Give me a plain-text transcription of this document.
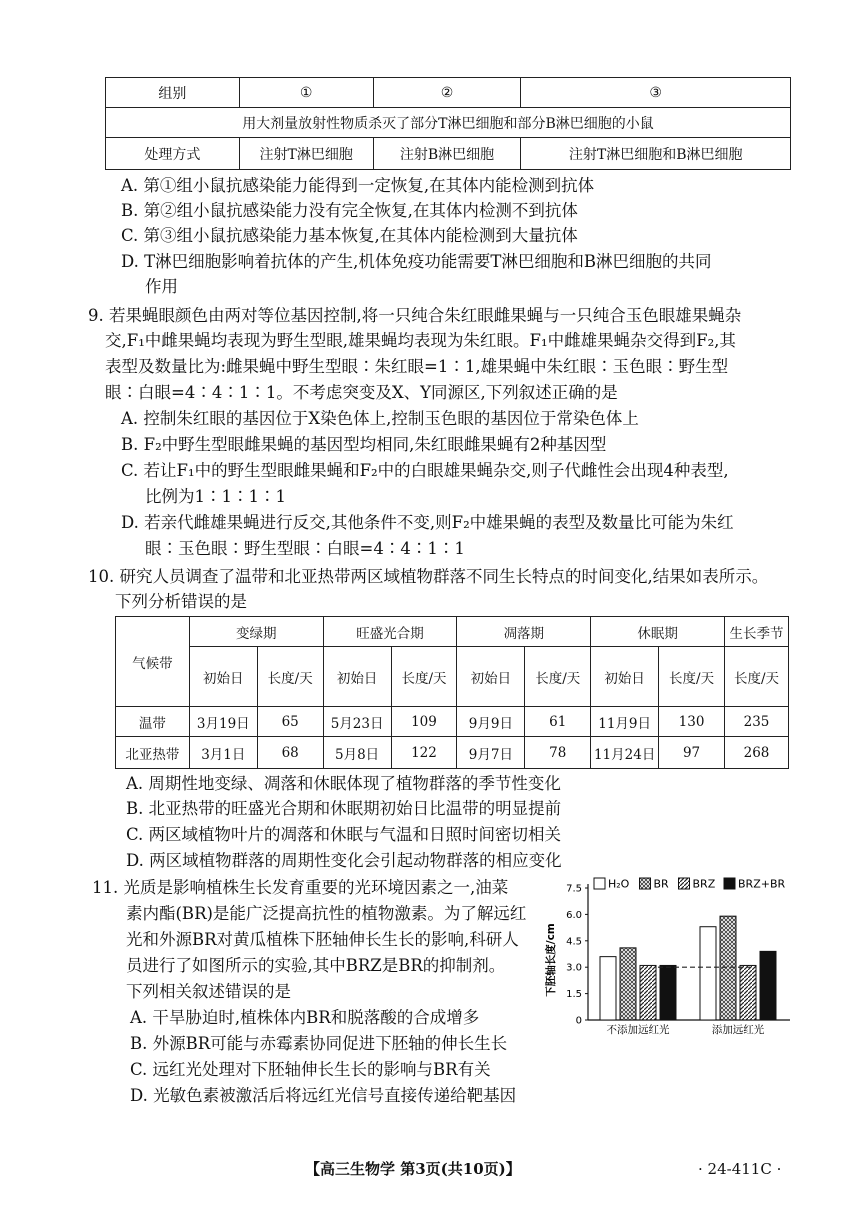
组别	①	②	③
用大剂量放射性物质杀灭了部分T淋巴细胞和部分B淋巴细胞的小鼠			
处理方式	注射T淋巴细胞	注射B淋巴细胞	注射T淋巴细胞和B淋巴细胞
A. 第①组小鼠抗感染能力能得到一定恢复,在其体内能检测到抗体
B. 第②组小鼠抗感染能力没有完全恢复,在其体内检测不到抗体
C. 第③组小鼠抗感染能力基本恢复,在其体内能检测到大量抗体
D. T淋巴细胞影响着抗体的产生,机体免疫功能需要T淋巴细胞和B淋巴细胞的共同
作用
9. 若果蝇眼颜色由两对等位基因控制,将一只纯合朱红眼雌果蝇与一只纯合玉色眼雄果蝇杂
交,F₁中雌果蝇均表现为野生型眼,雄果蝇均表现为朱红眼。F₁中雌雄果蝇杂交得到F₂,其
表型及数量比为:雌果蝇中野生型眼∶朱红眼=1∶1,雄果蝇中朱红眼∶玉色眼∶野生型
眼∶白眼=4∶4∶1∶1。不考虑突变及X、Y同源区,下列叙述正确的是
A. 控制朱红眼的基因位于X染色体上,控制玉色眼的基因位于常染色体上
B. F₂中野生型眼雌果蝇的基因型均相同,朱红眼雌果蝇有2种基因型
C. 若让F₁中的野生型眼雌果蝇和F₂中的白眼雄果蝇杂交,则子代雌性会出现4种表型,
比例为1∶1∶1∶1
D. 若亲代雌雄果蝇进行反交,其他条件不变,则F₂中雄果蝇的表型及数量比可能为朱红
眼∶玉色眼∶野生型眼∶白眼=4∶4∶1∶1
10. 研究人员调查了温带和北亚热带两区域植物群落不同生长特点的时间变化,结果如表所示。
下列分析错误的是
气候带	变绿期		旺盛光合期		凋落期		休眠期		生长季节
	初始日	长度/天	初始日	长度/天	初始日	长度/天	初始日	长度/天	长度/天
温带	3月19日	65	5月23日	109	9月9日	61	11月9日	130	235
北亚热带	3月1日	68	5月8日	122	9月7日	78	11月24日	97	268
A. 周期性地变绿、凋落和休眠体现了植物群落的季节性变化
B. 北亚热带的旺盛光合期和休眠期初始日比温带的明显提前
C. 两区域植物叶片的凋落和休眠与气温和日照时间密切相关
D. 两区域植物群落的周期性变化会引起动物群落的相应变化
11. 光质是影响植株生长发育重要的光环境因素之一,油菜
素内酯(BR)是能广泛提高抗性的植物激素。为了解远红
光和外源BR对黄瓜植株下胚轴伸长生长的影响,科研人
员进行了如图所示的实验,其中BRZ是BR的抑制剂。
下列相关叙述错误的是
A. 干旱胁迫时,植株体内BR和脱落酸的合成增多
B. 外源BR可能与赤霉素协同促进下胚轴的伸长生长
C. 远红光处理对下胚轴伸长生长的影响与BR有关
D. 光敏色素被激活后将远红光信号直接传递给靶基因
H₂O BR BRZ BRZ+BR
0
1.5
3.0
4.5
6.0
7.5
不添加远红光	添加远红光
下胚轴长度/cm
【高三生物学 第3页(共10页)】	· 24-411C ·
